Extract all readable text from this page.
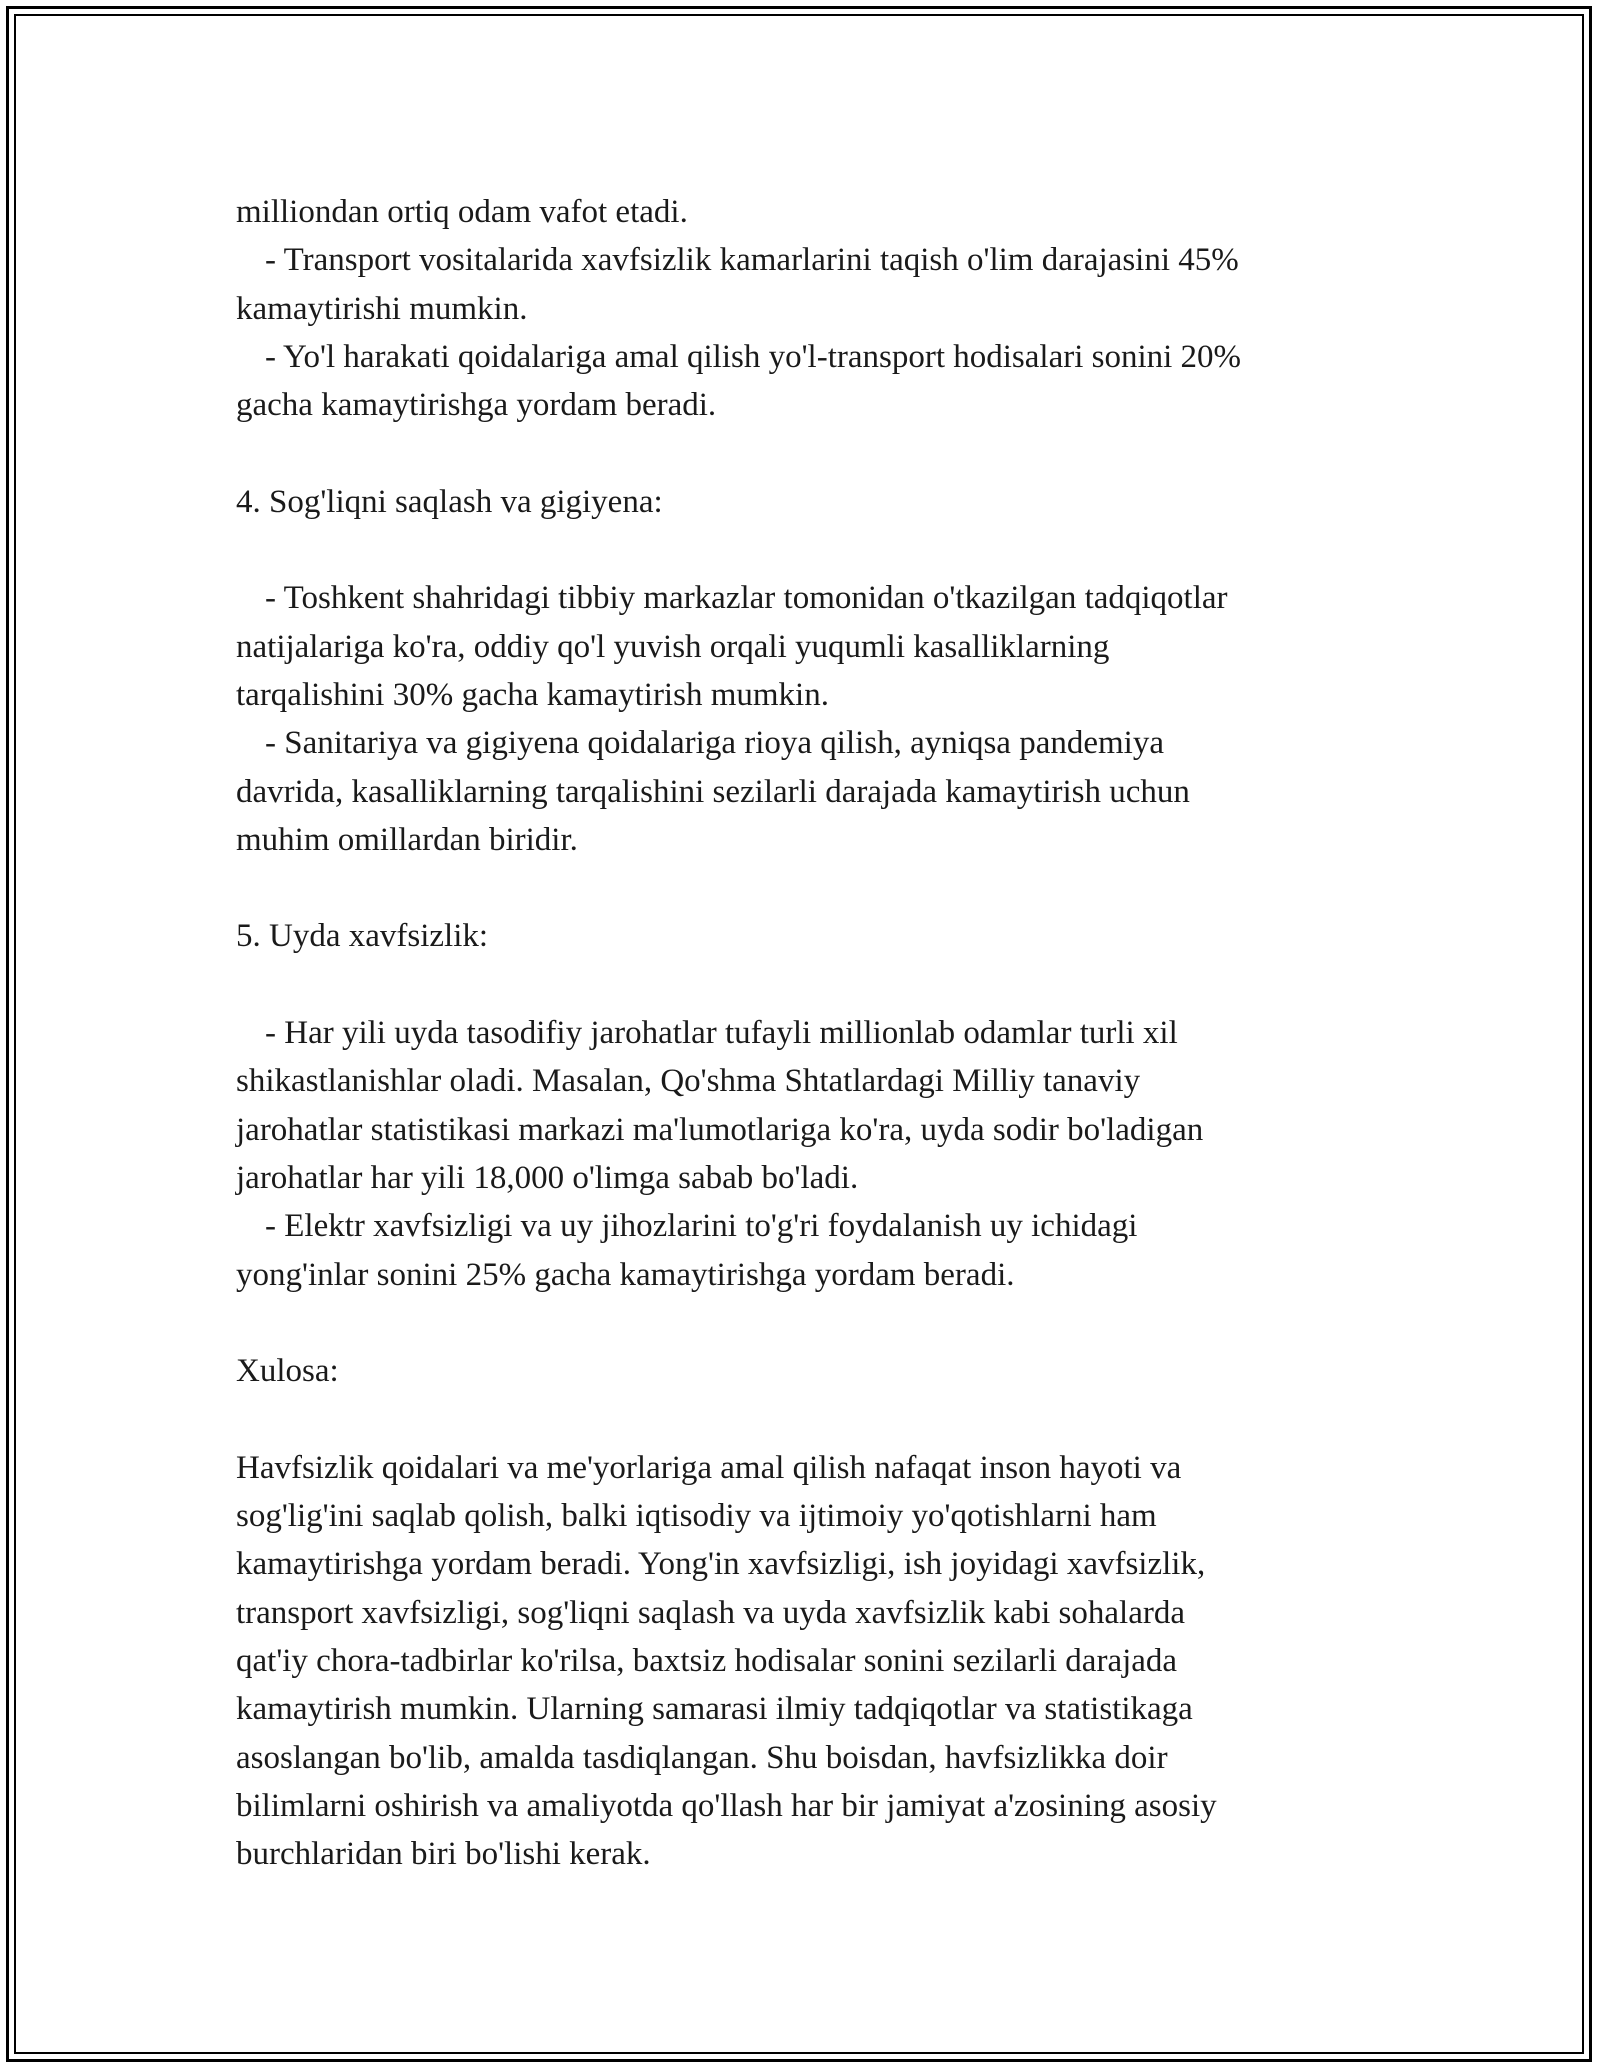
milliondan ortiq odam vafot etadi.
- Transport vositalarida xavfsizlik kamarlarini taqish o'lim darajasini 45%
kamaytirishi mumkin.
- Yo'l harakati qoidalariga amal qilish yo'l-transport hodisalari sonini 20%
gacha kamaytirishga yordam beradi.
4. Sog'liqni saqlash va gigiyena:
- Toshkent shahridagi tibbiy markazlar tomonidan o'tkazilgan tadqiqotlar
natijalariga ko'ra, oddiy qo'l yuvish orqali yuqumli kasalliklarning
tarqalishini 30% gacha kamaytirish mumkin.
- Sanitariya va gigiyena qoidalariga rioya qilish, ayniqsa pandemiya
davrida, kasalliklarning tarqalishini sezilarli darajada kamaytirish uchun
muhim omillardan biridir.
5. Uyda xavfsizlik:
- Har yili uyda tasodifiy jarohatlar tufayli millionlab odamlar turli xil
shikastlanishlar oladi. Masalan, Qo'shma Shtatlardagi Milliy tanaviy
jarohatlar statistikasi markazi ma'lumotlariga ko'ra, uyda sodir bo'ladigan
jarohatlar har yili 18,000 o'limga sabab bo'ladi.
- Elektr xavfsizligi va uy jihozlarini to'g'ri foydalanish uy ichidagi
yong'inlar sonini 25% gacha kamaytirishga yordam beradi.
Xulosa:
Havfsizlik qoidalari va me'yorlariga amal qilish nafaqat inson hayoti va
sog'lig'ini saqlab qolish, balki iqtisodiy va ijtimoiy yo'qotishlarni ham
kamaytirishga yordam beradi. Yong'in xavfsizligi, ish joyidagi xavfsizlik,
transport xavfsizligi, sog'liqni saqlash va uyda xavfsizlik kabi sohalarda
qat'iy chora-tadbirlar ko'rilsa, baxtsiz hodisalar sonini sezilarli darajada
kamaytirish mumkin. Ularning samarasi ilmiy tadqiqotlar va statistikaga
asoslangan bo'lib, amalda tasdiqlangan. Shu boisdan, havfsizlikka doir
bilimlarni oshirish va amaliyotda qo'llash har bir jamiyat a'zosining asosiy
burchlaridan biri bo'lishi kerak.
